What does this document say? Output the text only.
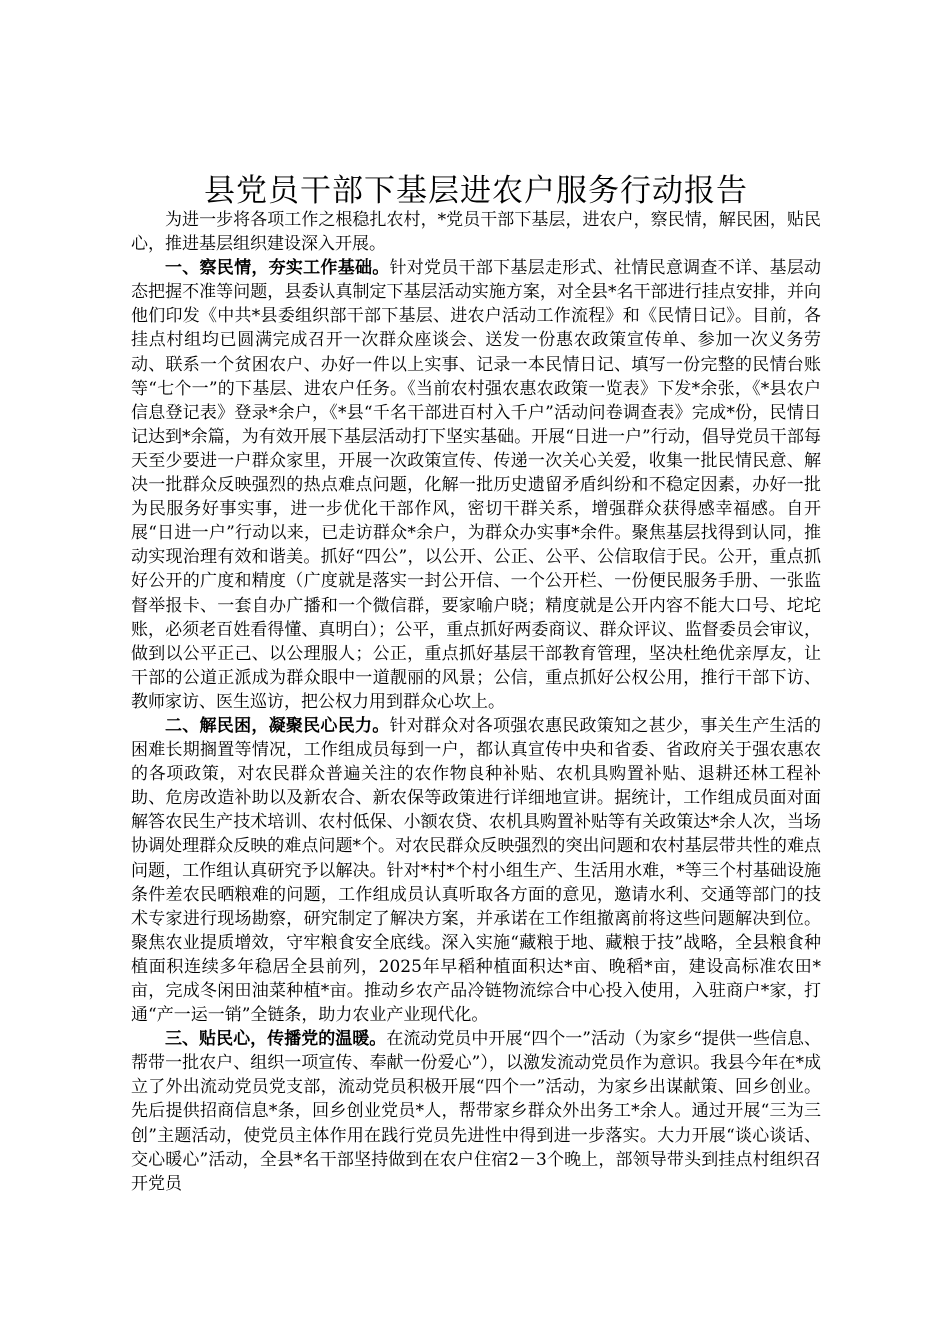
县党员干部下基层进农户服务行动报告

为进一步将各项工作之根稳扎农村，*党员干部下基层，进农户，察民情，解民困，贴民心，推进基层组织建设深入开展。

一、察民情，夯实工作基础。针对党员干部下基层走形式、社情民意调查不详、基层动态把握不准等问题，县委认真制定下基层活动实施方案，对全县*名干部进行挂点安排，并向他们印发《中共*县委组织部干部下基层、进农户活动工作流程》和《民情日记》。目前，各挂点村组均已圆满完成召开一次群众座谈会、送发一份惠农政策宣传单、参加一次义务劳动、联系一个贫困农户、办好一件以上实事、记录一本民情日记、填写一份完整的民情台账等“七个一”的下基层、进农户任务。《当前农村强农惠农政策一览表》下发*余张，《*县农户信息登记表》登录*余户，《*县“千名干部进百村入千户”活动问卷调查表》完成*份，民情日记达到*余篇，为有效开展下基层活动打下坚实基础。开展“日进一户”行动，倡导党员干部每天至少要进一户群众家里，开展一次政策宣传、传递一次关心关爱，收集一批民情民意、解决一批群众反映强烈的热点难点问题，化解一批历史遗留矛盾纠纷和不稳定因素，办好一批为民服务好事实事，进一步优化干部作风，密切干群关系，增强群众获得感幸福感。自开展“日进一户”行动以来，已走访群众*余户，为群众办实事*余件。聚焦基层找得到认同，推动实现治理有效和谐美。抓好“四公”，以公开、公正、公平、公信取信于民。公开，重点抓好公开的广度和精度（广度就是落实一封公开信、一个公开栏、一份便民服务手册、一张监督举报卡、一套自办广播和一个微信群，要家喻户晓；精度就是公开内容不能大口号、坨坨账，必须老百姓看得懂、真明白）；公平，重点抓好两委商议、群众评议、监督委员会审议，做到以公平正己、以公理服人；公正，重点抓好基层干部教育管理，坚决杜绝优亲厚友，让干部的公道正派成为群众眼中一道靓丽的风景；公信，重点抓好公权公用，推行干部下访、教师家访、医生巡访，把公权力用到群众心坎上。

二、解民困，凝聚民心民力。针对群众对各项强农惠民政策知之甚少，事关生产生活的困难长期搁置等情况，工作组成员每到一户，都认真宣传中央和省委、省政府关于强农惠农的各项政策，对农民群众普遍关注的农作物良种补贴、农机具购置补贴、退耕还林工程补助、危房改造补助以及新农合、新农保等政策进行详细地宣讲。据统计，工作组成员面对面解答农民生产技术培训、农村低保、小额农贷、农机具购置补贴等有关政策达*余人次，当场协调处理群众反映的难点问题*个。对农民群众反映强烈的突出问题和农村基层带共性的难点问题，工作组认真研究予以解决。针对*村*个村小组生产、生活用水难，*等三个村基础设施条件差农民晒粮难的问题，工作组成员认真听取各方面的意见，邀请水利、交通等部门的技术专家进行现场勘察，研究制定了解决方案，并承诺在工作组撤离前将这些问题解决到位。聚焦农业提质增效，守牢粮食安全底线。深入实施“藏粮于地、藏粮于技”战略，全县粮食种植面积连续多年稳居全县前列，2025年早稻种植面积达*亩、晚稻*亩，建设高标准农田*亩，完成冬闲田油菜种植*亩。推动乡农产品冷链物流综合中心投入使用，入驻商户*家，打通“产一运一销”全链条，助力农业产业现代化。

三、贴民心，传播党的温暖。在流动党员中开展“四个一”活动（为家乡“提供一些信息、帮带一批农户、组织一项宣传、奉献一份爱心”），以激发流动党员作为意识。我县今年在*成立了外出流动党员党支部，流动党员积极开展“四个一”活动，为家乡出谋献策、回乡创业。先后提供招商信息*条，回乡创业党员*人，帮带家乡群众外出务工*余人。通过开展“三为三创”主题活动，使党员主体作用在践行党员先进性中得到进一步落实。大力开展“谈心谈话、交心暖心”活动，全县*名干部坚持做到在农户住宿2－3个晚上，部领导带头到挂点村组织召开党员
